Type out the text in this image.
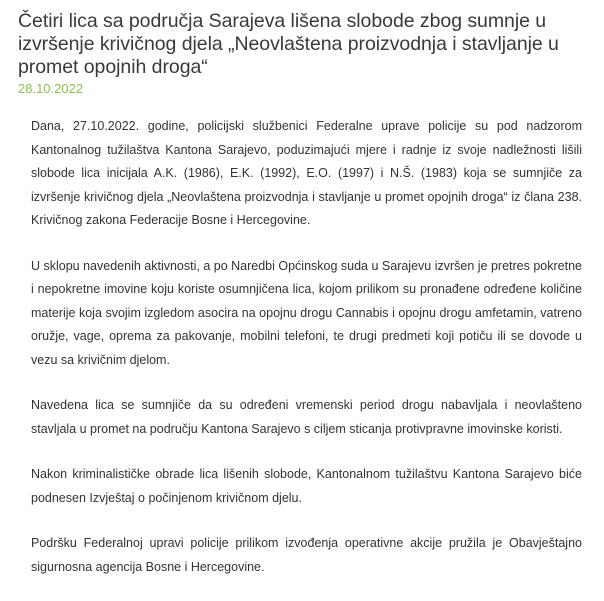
Četiri lica sa područja Sarajeva lišena slobode zbog sumnje u izvršenje krivičnog djela „Neovlaštena proizvodnja i stavljanje u promet opojnih droga“
28.10.2022

Dana, 27.10.2022. godine, policijski službenici Federalne uprave policije su pod nadzorom Kantonalnog tužilaštva Kantona Sarajevo, poduzimajući mjere i radnje iz svoje nadležnosti lišili slobode lica inicijala A.K. (1986), E.K. (1992), E.O. (1997) i N.Š. (1983) koja se sumnjiče za izvršenje krivičnog djela „Neovlaštena proizvodnja i stavljanje u promet opojnih droga“ iz člana 238. Krivičnog zakona Federacije Bosne i Hercegovine.

U sklopu navedenih aktivnosti, a po Naredbi Općinskog suda u Sarajevu izvršen je pretres pokretne i nepokretne imovine koju koriste osumnjičena lica, kojom prilikom su pronađene određene količine materije koja svojim izgledom asocira na opojnu drogu Cannabis i opojnu drogu amfetamin, vatreno oružje, vage, oprema za pakovanje, mobilni telefoni, te drugi predmeti koji potiču ili se dovode u vezu sa krivičnim djelom.

Navedena lica se sumnjiče da su određeni vremenski period drogu nabavljala i neovlašteno stavljala u promet na području Kantona Sarajevo s ciljem sticanja protivpravne imovinske koristi.

Nakon kriminalističke obrade lica lišenih slobode, Kantonalnom tužilaštvu Kantona Sarajevo biće podnesen Izvještaj o počinjenom krivičnom djelu.

Podršku Federalnoj upravi policije prilikom izvođenja operativne akcije pružila je Obavještajno sigurnosna agencija Bosne i Hercegovine.
